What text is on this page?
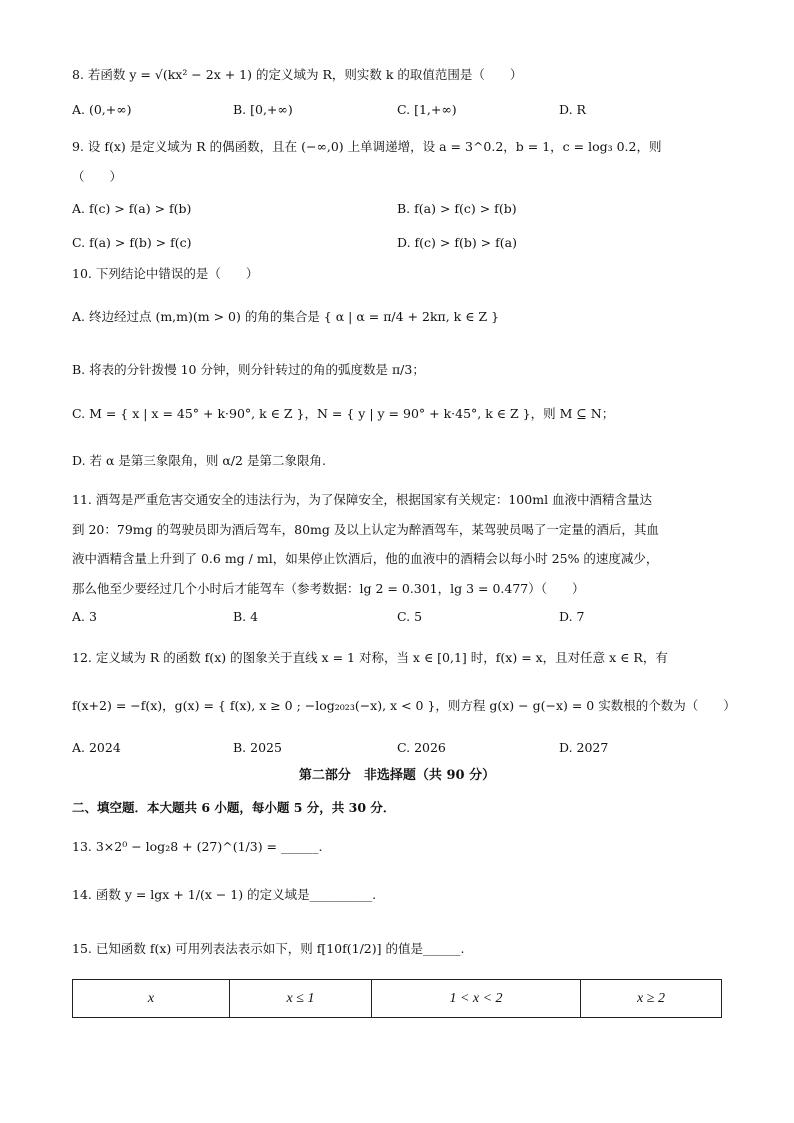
8. 若函数 y = √(kx² − 2x + 1) 的定义域为 R，则实数 k 的取值范围是（　　）
A. (0,+∞)	B. [0,+∞)	C. [1,+∞)	D. R
9. 设 f(x) 是定义域为 R 的偶函数，且在 (−∞,0) 上单调递增，设 a = 3^0.2，b = 1，c = log₃ 0.2，则
（　　）
A. f(c) > f(a) > f(b)	B. f(a) > f(c) > f(b)
C. f(a) > f(b) > f(c)	D. f(c) > f(b) > f(a)
10. 下列结论中错误的是（　　）
A. 终边经过点 (m,m)(m > 0) 的角的集合是 { α | α = π/4 + 2kπ, k ∈ Z }
B. 将表的分针拨慢 10 分钟，则分针转过的角的弧度数是 π/3；
C. M = { x | x = 45° + k·90°, k ∈ Z }，N = { y | y = 90° + k·45°, k ∈ Z }，则 M ⊆ N；
D. 若 α 是第三象限角，则 α/2 是第二象限角.
11. 酒驾是严重危害交通安全的违法行为，为了保障安全，根据国家有关规定：100ml 血液中酒精含量达
到 20：79mg 的驾驶员即为酒后驾车，80mg 及以上认定为醉酒驾车，某驾驶员喝了一定量的酒后，其血
液中酒精含量上升到了 0.6 mg / ml，如果停止饮酒后，他的血液中的酒精会以每小时 25% 的速度减少，
那么他至少要经过几个小时后才能驾车（参考数据：lg 2 = 0.301，lg 3 = 0.477）（　　）
A. 3	B. 4	C. 5	D. 7
12. 定义域为 R 的函数 f(x) 的图象关于直线 x = 1 对称，当 x ∈ [0,1] 时，f(x) = x，且对任意 x ∈ R，有
f(x+2) = −f(x)，g(x) = { f(x), x ≥ 0 ; −log₂₀₂₃(−x), x < 0 }，则方程 g(x) − g(−x) = 0 实数根的个数为（　　）
A. 2024	B. 2025	C. 2026	D. 2027
第二部分　非选择题（共 90 分）
二、填空题．本大题共 6 小题，每小题 5 分，共 30 分．
13. 3×2⁰ − log₂8 + (27)^(1/3) = ______.
14. 函数 y = lgx + 1/(x − 1) 的定义域是__________.
15. 已知函数 f(x) 可用列表法表示如下，则 f[10f(1/2)] 的值是______.
x	x ≤ 1	1 < x < 2	x ≥ 2
